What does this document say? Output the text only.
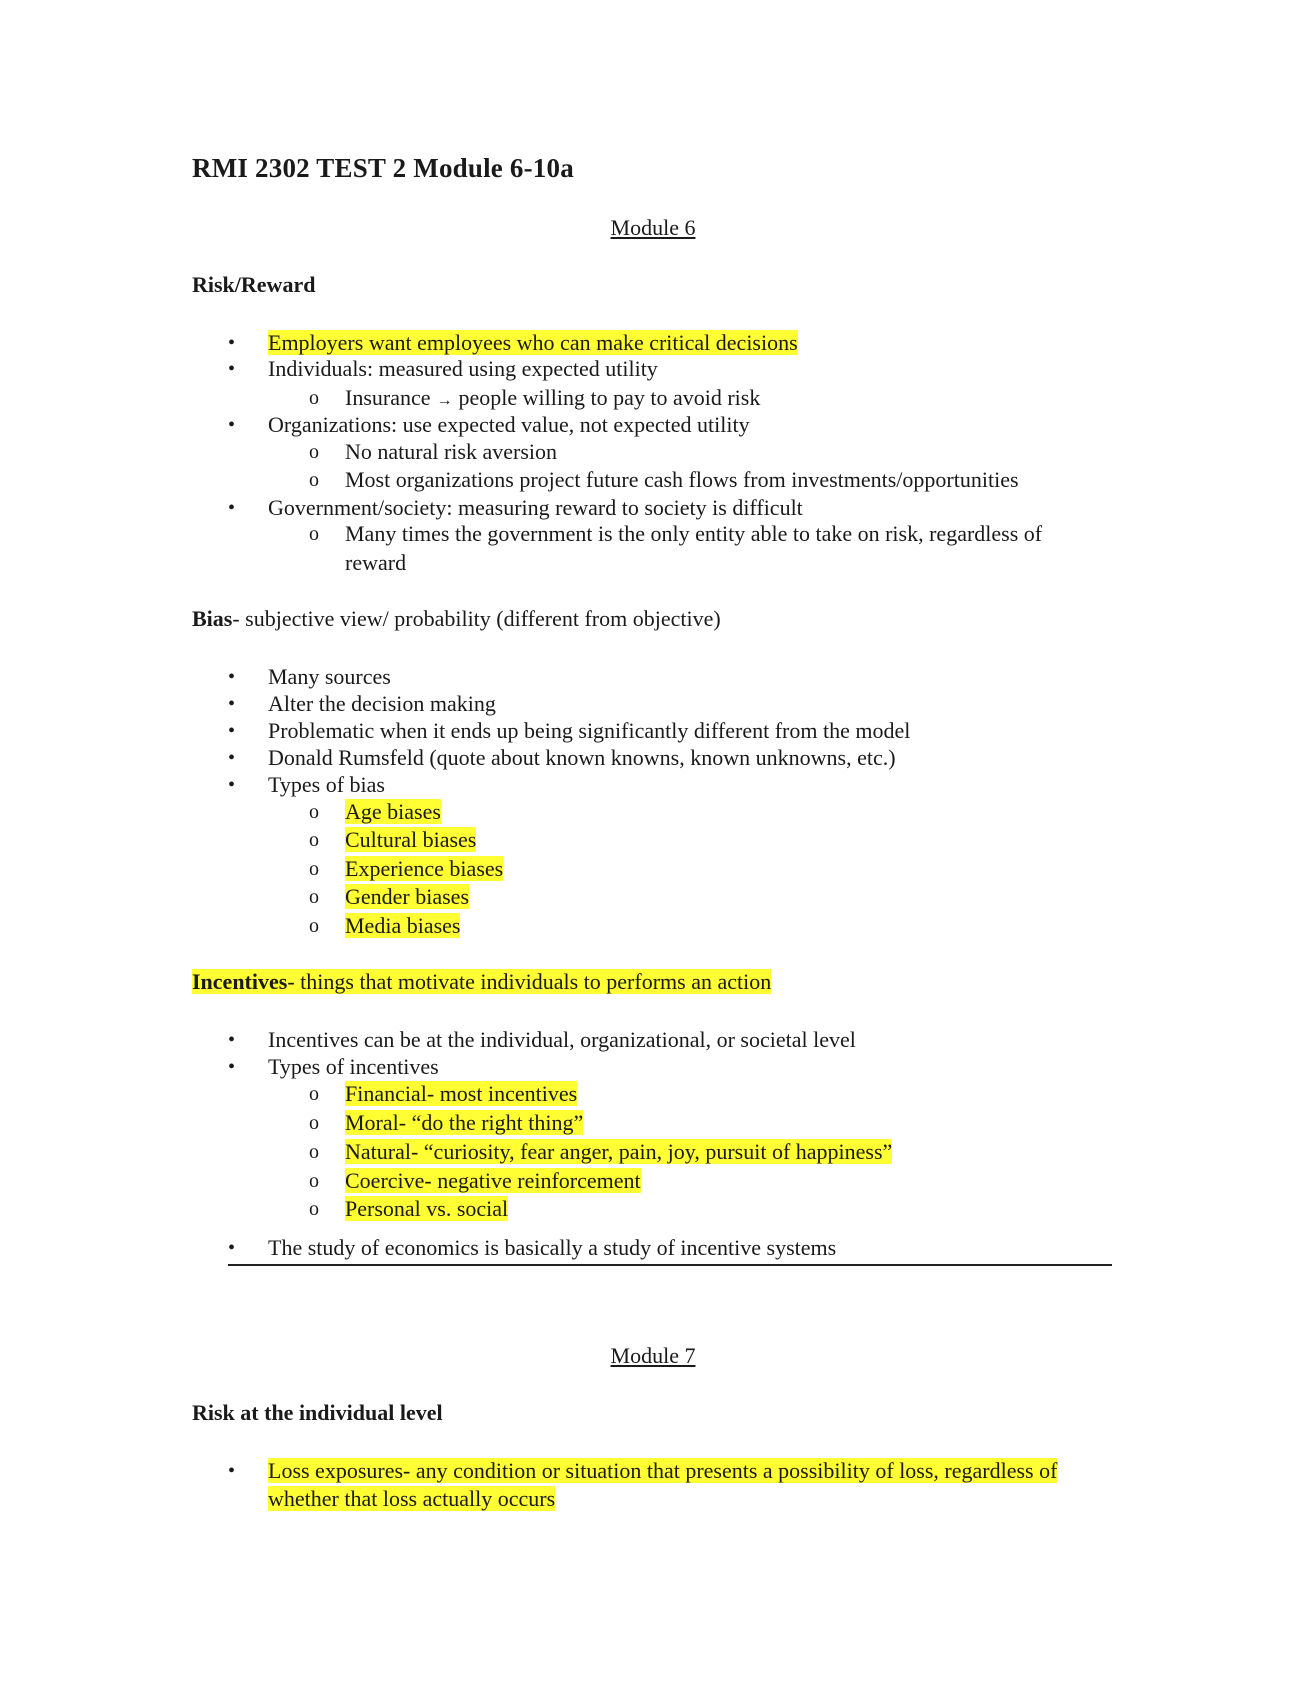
RMI 2302 TEST 2 Module 6-10a
Module 6
Risk/Reward
• Employers want employees who can make critical decisions
• Individuals: measured using expected utility
o Insurance → people willing to pay to avoid risk
• Organizations: use expected value, not expected utility
o No natural risk aversion
o Most organizations project future cash flows from investments/opportunities
• Government/society: measuring reward to society is difficult
o Many times the government is the only entity able to take on risk, regardless of
reward
Bias- subjective view/ probability (different from objective)
• Many sources
• Alter the decision making
• Problematic when it ends up being significantly different from the model
• Donald Rumsfeld (quote about known knowns, known unknowns, etc.)
• Types of bias
o Age biases
o Cultural biases
o Experience biases
o Gender biases
o Media biases
Incentives- things that motivate individuals to performs an action
• Incentives can be at the individual, organizational, or societal level
• Types of incentives
o Financial- most incentives
o Moral- “do the right thing”
o Natural- “curiosity, fear anger, pain, joy, pursuit of happiness”
o Coercive- negative reinforcement
o Personal vs. social
• The study of economics is basically a study of incentive systems
Module 7
Risk at the individual level
• Loss exposures- any condition or situation that presents a possibility of loss, regardless of
whether that loss actually occurs
